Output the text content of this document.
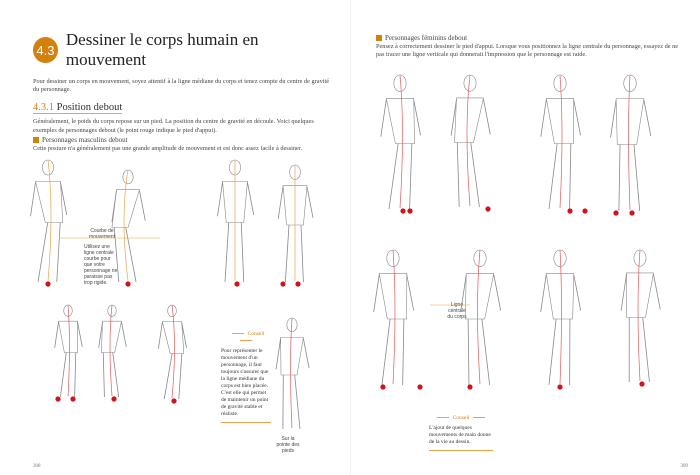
4.3
Dessiner le corps humain en mouvement
Pour dessiner un corps en mouvement, soyez attentif à la ligne médiane du corps et tenez compte du centre de gravité du personnage.
4.3.1 Position debout
Généralement, le poids du corps repose sur un pied. La position du centre de gravité en découle. Voici quelques exemples de personnages debout (le point rouge indique le pied d'appui).
Personnages masculins debout
Cette posture n'a généralement pas une grande amplitude de mouvement et est donc assez facile à dessiner.
Courbe de mouvement
Utilisez une ligne centrale courbe pour que votre personnage ne paraisse pas trop rigide.
Sur la pointe des pieds
Conseil
Pour représenter le mouvement d'un personnage, il faut toujours s'assurer que la ligne médiane du corps est bien placée. C'est elle qui permet de maintenir un point de gravité stable et réaliste.
308
Personnages féminins debout
Pensez à correctement dessiner le pied d'appui. Lorsque vous positionnez la ligne centrale du personnage, essayez de ne pas tracer une ligne verticale qui donnerait l'impression que le personnage est raide.
Ligne centrale du corps
Conseil
L'ajout de quelques mouvements de main donne de la vie au dessin.
309
